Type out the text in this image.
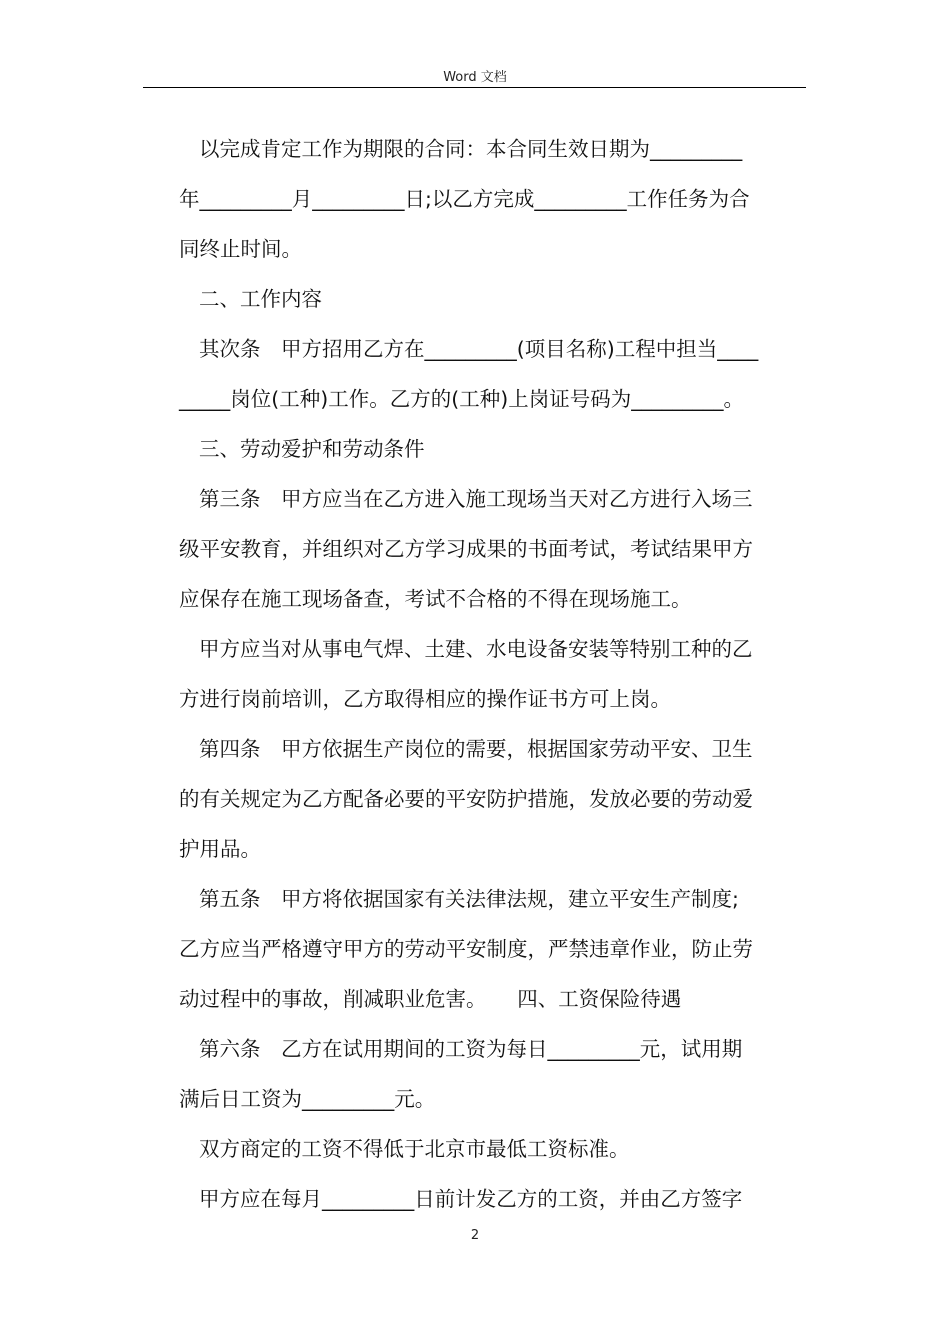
Word 文档
以完成肯定工作为期限的合同：本合同生效日期为_________
年_________月_________日;以乙方完成_________工作任务为合
同终止时间。
二、工作内容
其次条　甲方招用乙方在_________(项目名称)工程中担当____
_____岗位(工种)工作。乙方的(工种)上岗证号码为_________。
三、劳动爱护和劳动条件
第三条　甲方应当在乙方进入施工现场当天对乙方进行入场三
级平安教育，并组织对乙方学习成果的书面考试，考试结果甲方
应保存在施工现场备查，考试不合格的不得在现场施工。
甲方应当对从事电气焊、土建、水电设备安装等特别工种的乙
方进行岗前培训，乙方取得相应的操作证书方可上岗。
第四条　甲方依据生产岗位的需要，根据国家劳动平安、卫生
的有关规定为乙方配备必要的平安防护措施，发放必要的劳动爱
护用品。
第五条　甲方将依据国家有关法律法规，建立平安生产制度;
乙方应当严格遵守甲方的劳动平安制度，严禁违章作业，防止劳
动过程中的事故，削减职业危害。　　四、工资保险待遇
第六条　乙方在试用期间的工资为每日_________元，试用期
满后日工资为_________元。
双方商定的工资不得低于北京市最低工资标准。
甲方应在每月_________日前计发乙方的工资，并由乙方签字
2
